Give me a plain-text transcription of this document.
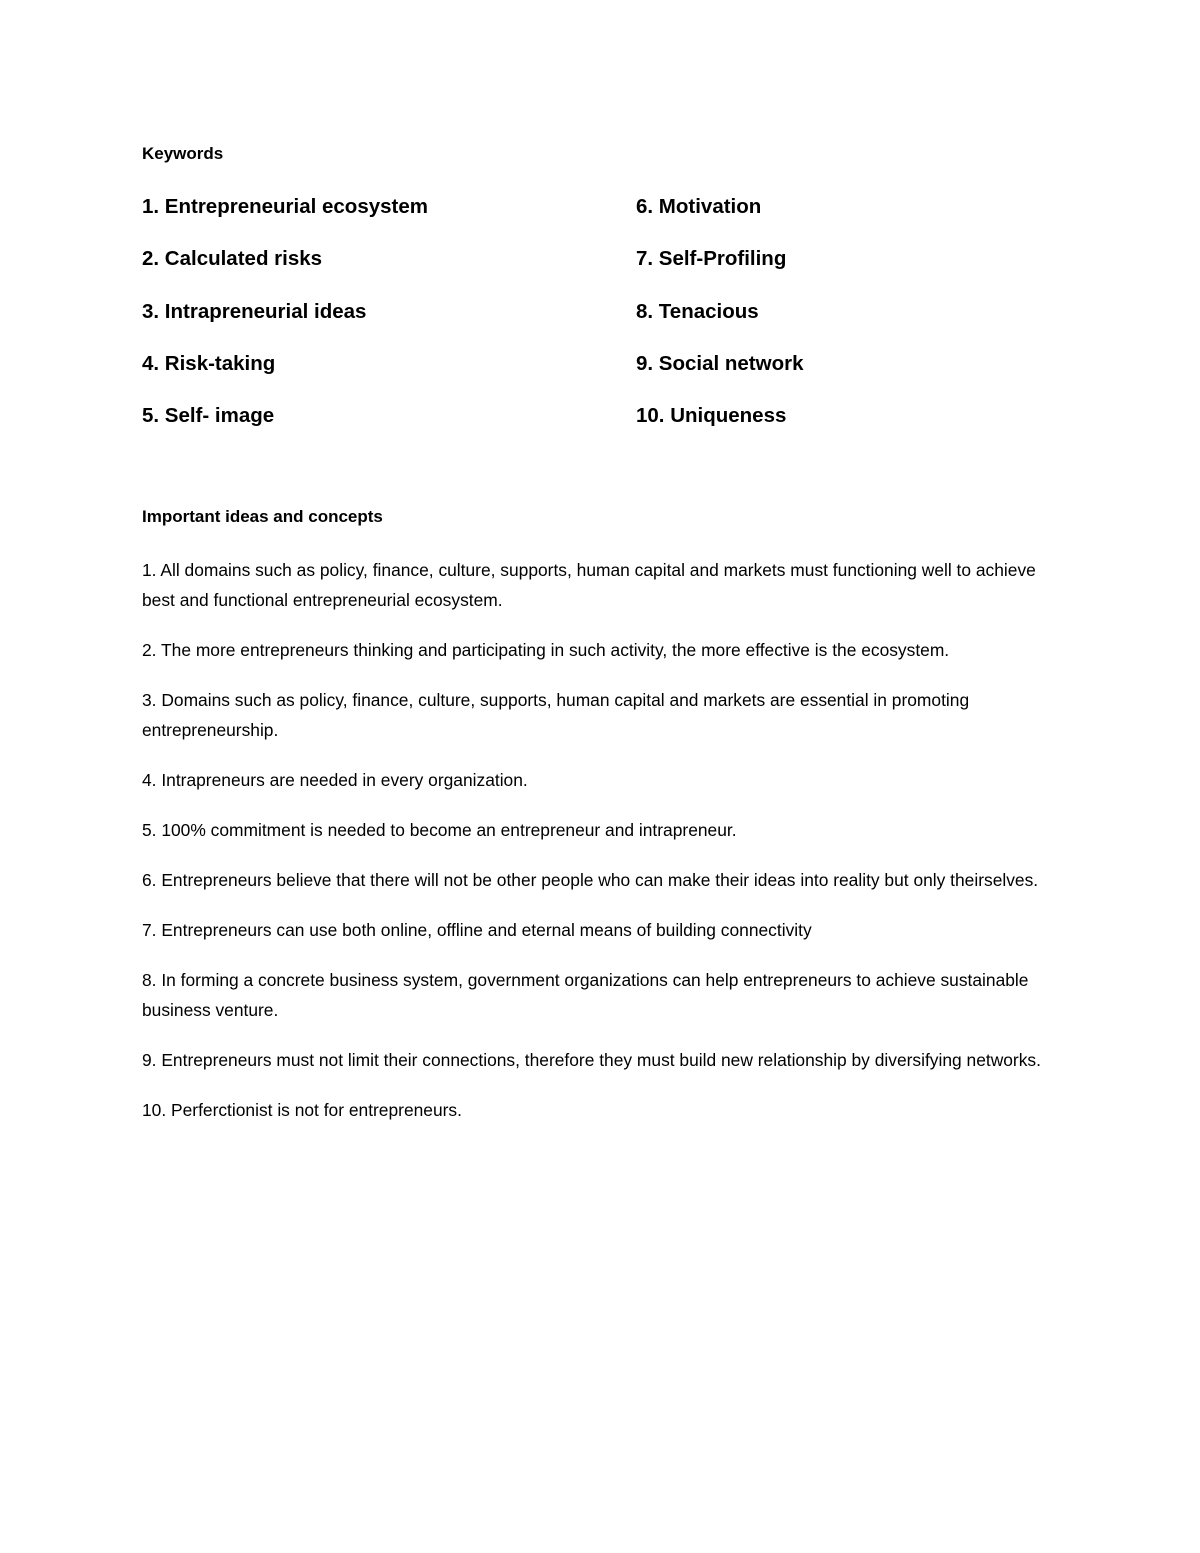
Keywords
1. Entrepreneurial ecosystem
2. Calculated risks
3. Intrapreneurial ideas
4. Risk-taking
5. Self- image
6. Motivation
7. Self-Profiling
8. Tenacious
9. Social network
10. Uniqueness
Important ideas and concepts
1. All domains such as policy, finance, culture, supports, human capital and markets must functioning well to achieve best and functional entrepreneurial ecosystem.
2. The more entrepreneurs thinking and participating in such activity, the more effective is the ecosystem.
3. Domains such as policy, finance, culture, supports, human capital and markets are essential in promoting entrepreneurship.
4. Intrapreneurs are needed in every organization.
5. 100% commitment is needed to become an entrepreneur and intrapreneur.
6. Entrepreneurs believe that there will not be other people who can make their ideas into reality but only theirselves.
7. Entrepreneurs can use both online, offline and eternal means of building connectivity
8. In forming a concrete business system, government organizations can help entrepreneurs to achieve sustainable business venture.
9. Entrepreneurs must not limit their connections, therefore they must build new relationship by diversifying networks.
10. Perferctionist is not for entrepreneurs.
